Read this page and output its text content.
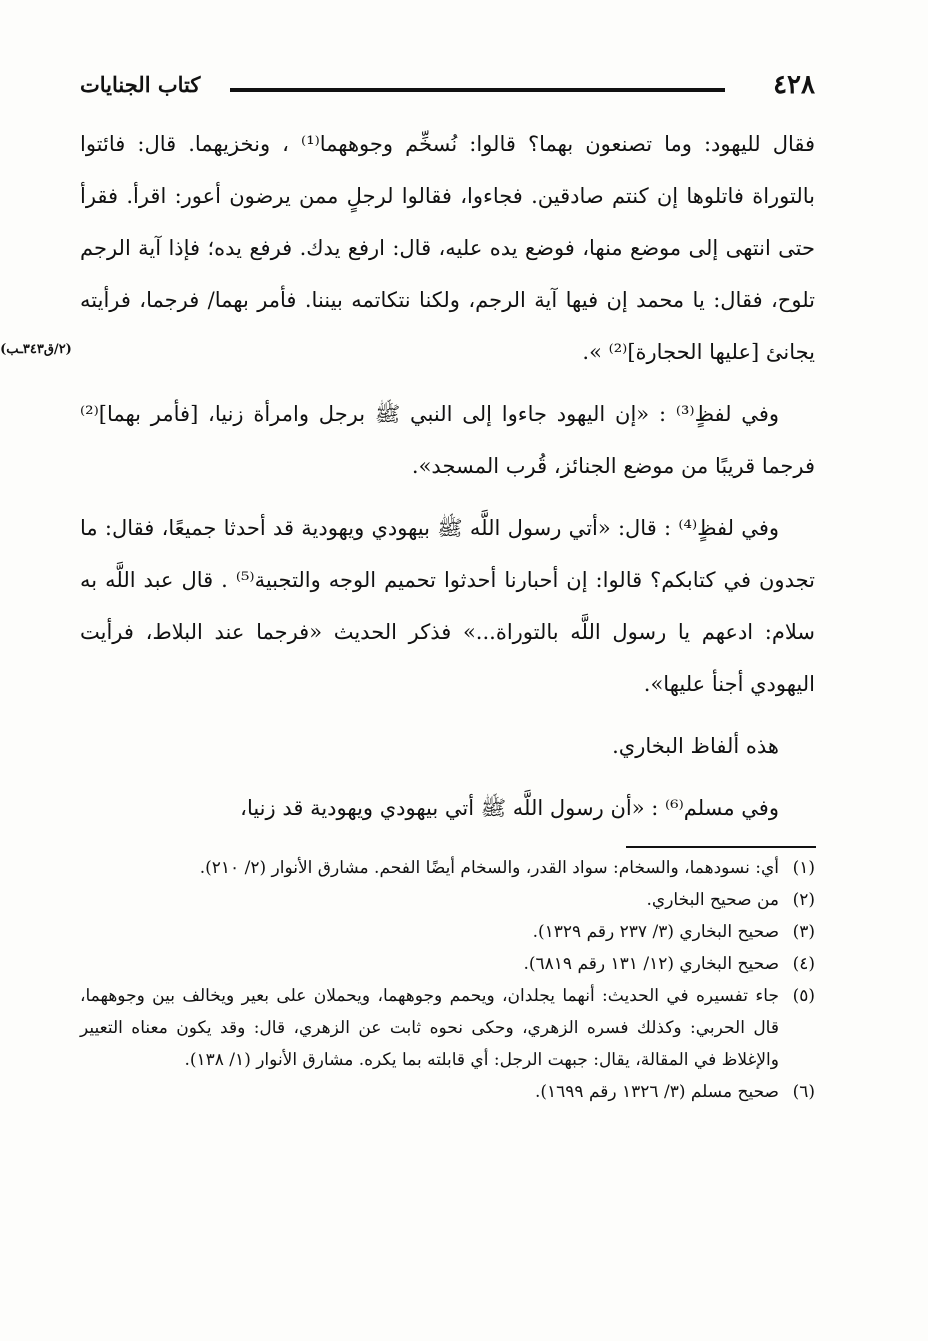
٤٢٨
كتاب الجنايات
(٢/ق٣٤٣ـب)

فقال لليهود: وما تصنعون بهما؟ قالوا: نُسخِّم وجوههما⁽¹⁾ ، ونخزيهما. قال: فائتوا بالتوراة فاتلوها إن كنتم صادقين. فجاءوا، فقالوا لرجلٍ ممن يرضون أعور: اقرأ. فقرأ حتى انتهى إلى موضع منها، فوضع يده عليه، قال: ارفع يدك. فرفع يده؛ فإذا آية الرجم تلوح، فقال: يا محمد إن فيها آية الرجم، ولكنا نتكاتمه بيننا. فأمر بهما/ فرجما، فرأيته يجانئ [عليها الحجارة]⁽²⁾ ».

وفي لفظٍ⁽³⁾ : «إن اليهود جاءوا إلى النبي ﷺ برجل وامرأة زنيا، [فأمر بهما]⁽²⁾ فرجما قريبًا من موضع الجنائز، قُرب المسجد».

وفي لفظٍ⁽⁴⁾ : قال: «أتي رسول اللَّه ﷺ بيهودي ويهودية قد أحدثا جميعًا، فقال: ما تجدون في كتابكم؟ قالوا: إن أحبارنا أحدثوا تحميم الوجه والتجبية⁽⁵⁾ . قال عبد اللَّه به سلام: ادعهم يا رسول اللَّه بالتوراة...» فذكر الحديث «فرجما عند البلاط، فرأيت اليهودي أجنأ عليها».

هذه ألفاظ البخاري.

وفي مسلم⁽⁶⁾ : «أن رسول اللَّه ﷺ أتي بيهودي ويهودية قد زنيا،

(١)أي: نسودهما، والسخام: سواد القدر، والسخام أيضًا الفحم. مشارق الأنوار (٢/ ٢١٠).

(٢)من صحيح البخاري.

(٣)صحيح البخاري (٣/ ٢٣٧ رقم ١٣٢٩).

(٤)صحيح البخاري (١٢/ ١٣١ رقم ٦٨١٩).

(٥)جاء تفسيره في الحديث: أنهما يجلدان، ويحمم وجوههما، ويحملان على بعير ويخالف بين وجوههما، قال الحربي: وكذلك فسره الزهري، وحكى نحوه ثابت عن الزهري، قال: وقد يكون معناه التعيير والإغلاظ في المقالة، يقال: جبهت الرجل: أي قابلته بما يكره. مشارق الأنوار (١/ ١٣٨).

(٦)صحيح مسلم (٣/ ١٣٢٦ رقم ١٦٩٩).
